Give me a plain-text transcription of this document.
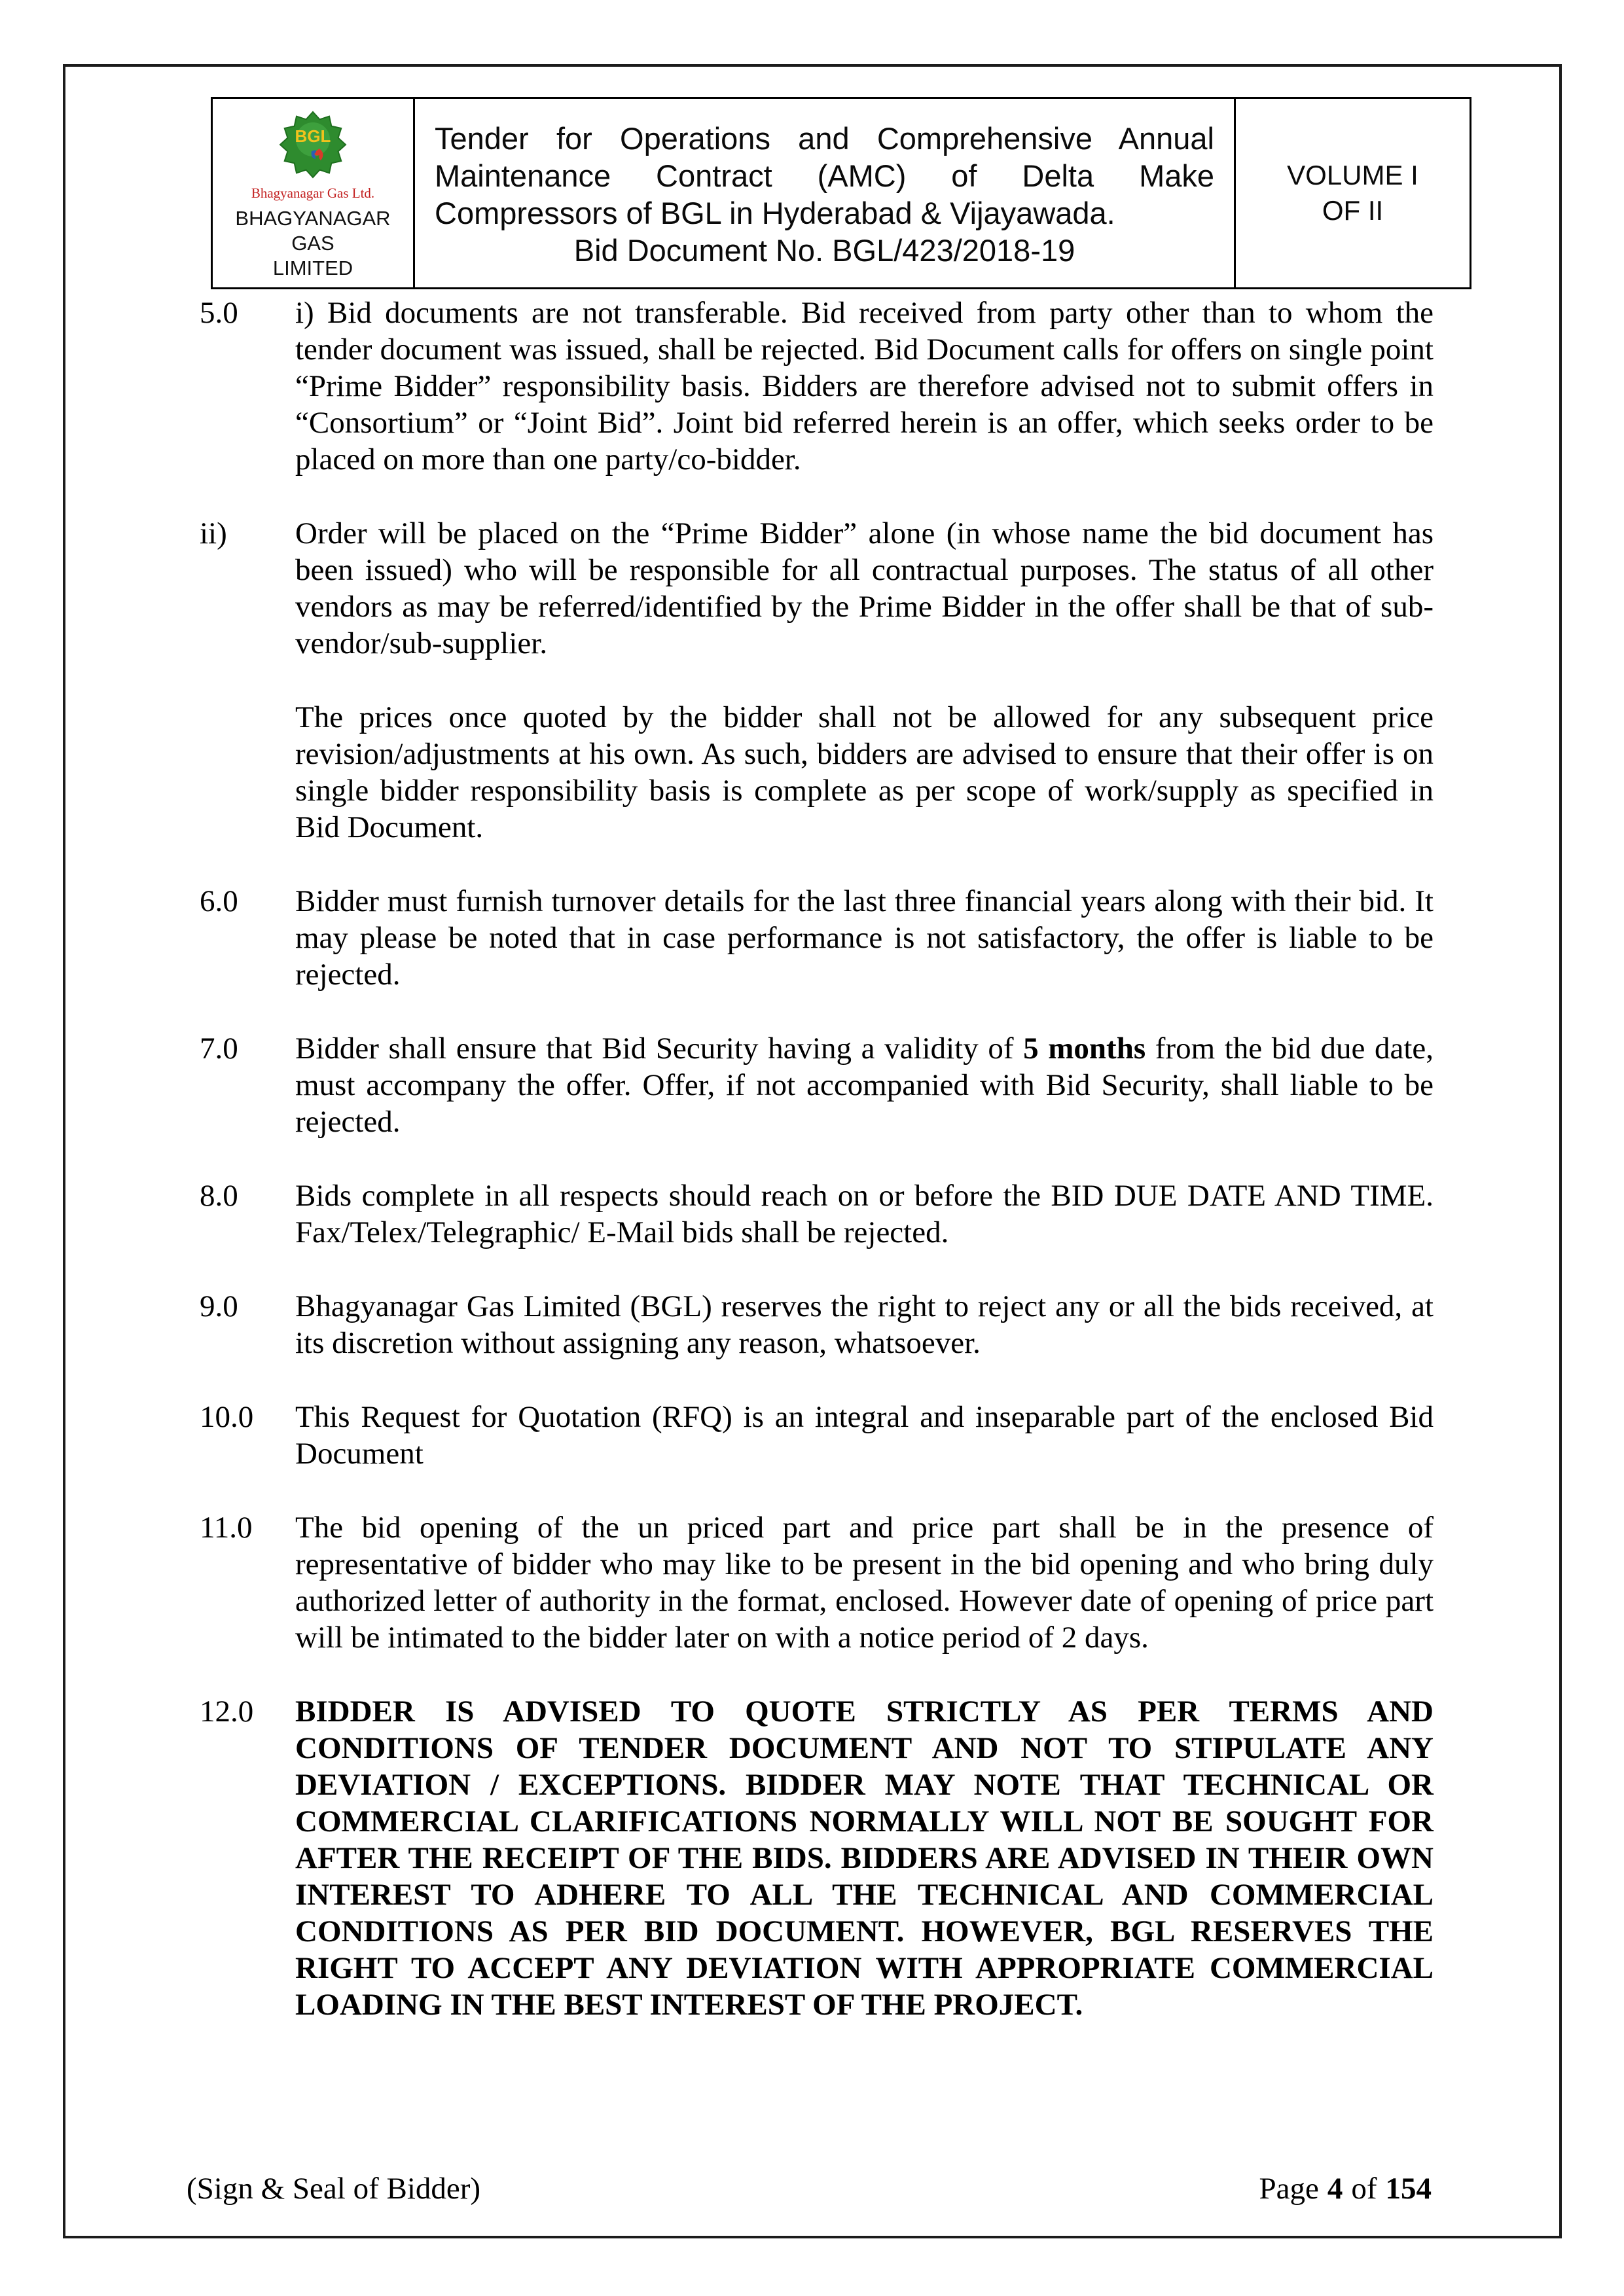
BGL
Bhagyanagar Gas Ltd.
BHAGYANAGAR GAS
LIMITED
Tender for Operations and Comprehensive Annual Maintenance Contract (AMC) of Delta Make Compressors of BGL in Hyderabad & Vijayawada.
Bid Document No. BGL/423/2018-19
VOLUME I
OF II
5.0	i) Bid documents are not transferable. Bid received from party other than to whom the tender document was issued, shall be rejected. Bid Document calls for offers on single point “Prime Bidder” responsibility basis. Bidders are therefore advised not to submit offers in “Consortium” or “Joint Bid”. Joint bid referred herein is an offer, which seeks order to be placed on more than one party/co-bidder.
ii)	Order will be placed on the “Prime Bidder” alone (in whose name the bid document has been issued) who will be responsible for all contractual purposes. The status of all other vendors as may be referred/identified by the Prime Bidder in the offer shall be that of sub-vendor/sub-supplier.
The prices once quoted by the bidder shall not be allowed for any subsequent price revision/adjustments at his own. As such, bidders are advised to ensure that their offer is on single bidder responsibility basis is complete as per scope of work/supply as specified in Bid Document.
6.0	Bidder must furnish turnover details for the last three financial years along with their bid. It may please be noted that in case performance is not satisfactory, the offer is liable to be rejected.
7.0	Bidder shall ensure that Bid Security having a validity of 5 months from the bid due date, must accompany the offer. Offer, if not accompanied with Bid Security, shall liable to be rejected.
8.0	Bids complete in all respects should reach on or before the BID DUE DATE AND TIME. Fax/Telex/Telegraphic/ E-Mail bids shall be rejected.
9.0	Bhagyanagar Gas Limited (BGL) reserves the right to reject any or all the bids received, at its discretion without assigning any reason, whatsoever.
10.0	This Request for Quotation (RFQ) is an integral and inseparable part of the enclosed Bid Document
11.0	The bid opening of the un priced part and price part shall be in the presence of representative of bidder who may like to be present in the bid opening and who bring duly authorized letter of authority in the format, enclosed. However date of opening of price part will be intimated to the bidder later on with a notice period of 2 days.
12.0	BIDDER IS ADVISED TO QUOTE STRICTLY AS PER TERMS AND CONDITIONS OF TENDER DOCUMENT AND NOT TO STIPULATE ANY DEVIATION / EXCEPTIONS. BIDDER MAY NOTE THAT TECHNICAL OR COMMERCIAL CLARIFICATIONS NORMALLY WILL NOT BE SOUGHT FOR AFTER THE RECEIPT OF THE BIDS. BIDDERS ARE ADVISED IN THEIR OWN INTEREST TO ADHERE TO ALL THE TECHNICAL AND COMMERCIAL CONDITIONS AS PER BID DOCUMENT. HOWEVER, BGL RESERVES THE RIGHT TO ACCEPT ANY DEVIATION WITH APPROPRIATE COMMERCIAL LOADING IN THE BEST INTEREST OF THE PROJECT.
(Sign & Seal of Bidder)	Page 4 of 154
